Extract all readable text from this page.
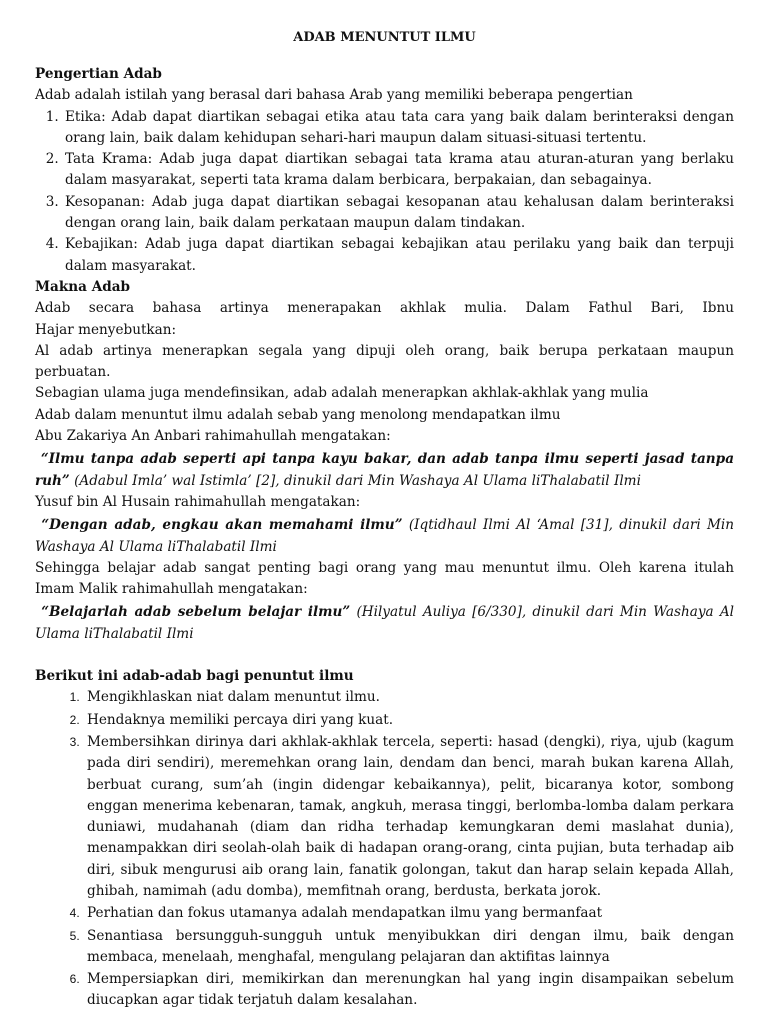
ADAB MENUNTUT ILMU
Pengertian Adab

Adab adalah istilah yang berasal dari bahasa Arab yang memiliki beberapa pengertian

1. Etika: Adab dapat diartikan sebagai etika atau tata cara yang baik dalam berinteraksi dengan orang lain, baik dalam kehidupan sehari-hari maupun dalam situasi-situasi tertentu.
2. Tata Krama: Adab juga dapat diartikan sebagai tata krama atau aturan-aturan yang berlaku dalam masyarakat, seperti tata krama dalam berbicara, berpakaian, dan sebagainya.
3. Kesopanan: Adab juga dapat diartikan sebagai kesopanan atau kehalusan dalam berinteraksi dengan orang lain, baik dalam perkataan maupun dalam tindakan.
4. Kebajikan: Adab juga dapat diartikan sebagai kebajikan atau perilaku yang baik dan terpuji dalam masyarakat.
Makna Adab

Adab secara bahasa artinya menerapakan akhlak mulia. Dalam Fathul Bari, Ibnu

Hajar menyebutkan:

Al adab artinya menerapkan segala yang dipuji oleh orang, baik berupa perkataan maupun perbuatan.

Sebagian ulama juga mendefinsikan, adab adalah menerapkan akhlak-akhlak yang mulia

Adab dalam menuntut ilmu adalah sebab yang menolong mendapatkan ilmu

Abu Zakariya An Anbari rahimahullah mengatakan:

“Ilmu tanpa adab seperti api tanpa kayu bakar, dan adab tanpa ilmu seperti jasad tanpa ruh” (Adabul Imla’ wal Istimla’ [2], dinukil dari Min Washaya Al Ulama liThalabatil Ilmi

Yusuf bin Al Husain rahimahullah mengatakan:

“Dengan adab, engkau akan memahami ilmu” (Iqtidhaul Ilmi Al ‘Amal [31], dinukil dari Min Washaya Al Ulama liThalabatil Ilmi

Sehingga belajar adab sangat penting bagi orang yang mau menuntut ilmu. Oleh karena itulah Imam Malik rahimahullah mengatakan:

“Belajarlah adab sebelum belajar ilmu” (Hilyatul Auliya [6/330], dinukil dari Min Washaya Al Ulama liThalabatil Ilmi

Berikut ini adab-adab bagi penuntut ilmu
1. Mengikhlaskan niat dalam menuntut ilmu.
2. Hendaknya memiliki percaya diri yang kuat.
3. Membersihkan dirinya dari akhlak-akhlak tercela, seperti: hasad (dengki), riya, ujub (kagum pada diri sendiri), meremehkan orang lain, dendam dan benci, marah bukan karena Allah, berbuat curang, sum’ah (ingin didengar kebaikannya), pelit, bicaranya kotor, sombong enggan menerima kebenaran, tamak, angkuh, merasa tinggi, berlomba-lomba dalam perkara duniawi, mudahanah (diam dan ridha terhadap kemungkaran demi maslahat dunia), menampakkan diri seolah-olah baik di hadapan orang-orang, cinta pujian, buta terhadap aib diri, sibuk mengurusi aib orang lain, fanatik golongan, takut dan harap selain kepada Allah, ghibah, namimah (adu domba), memfitnah orang, berdusta, berkata jorok.
4. Perhatian dan fokus utamanya adalah mendapatkan ilmu yang bermanfaat
5. Senantiasa bersungguh-sungguh untuk menyibukkan diri dengan ilmu, baik dengan membaca, menelaah, menghafal, mengulang pelajaran dan aktifitas lainnya
6. Mempersiapkan diri, memikirkan dan merenungkan hal yang ingin disampaikan sebelum diucapkan agar tidak terjatuh dalam kesalahan.
